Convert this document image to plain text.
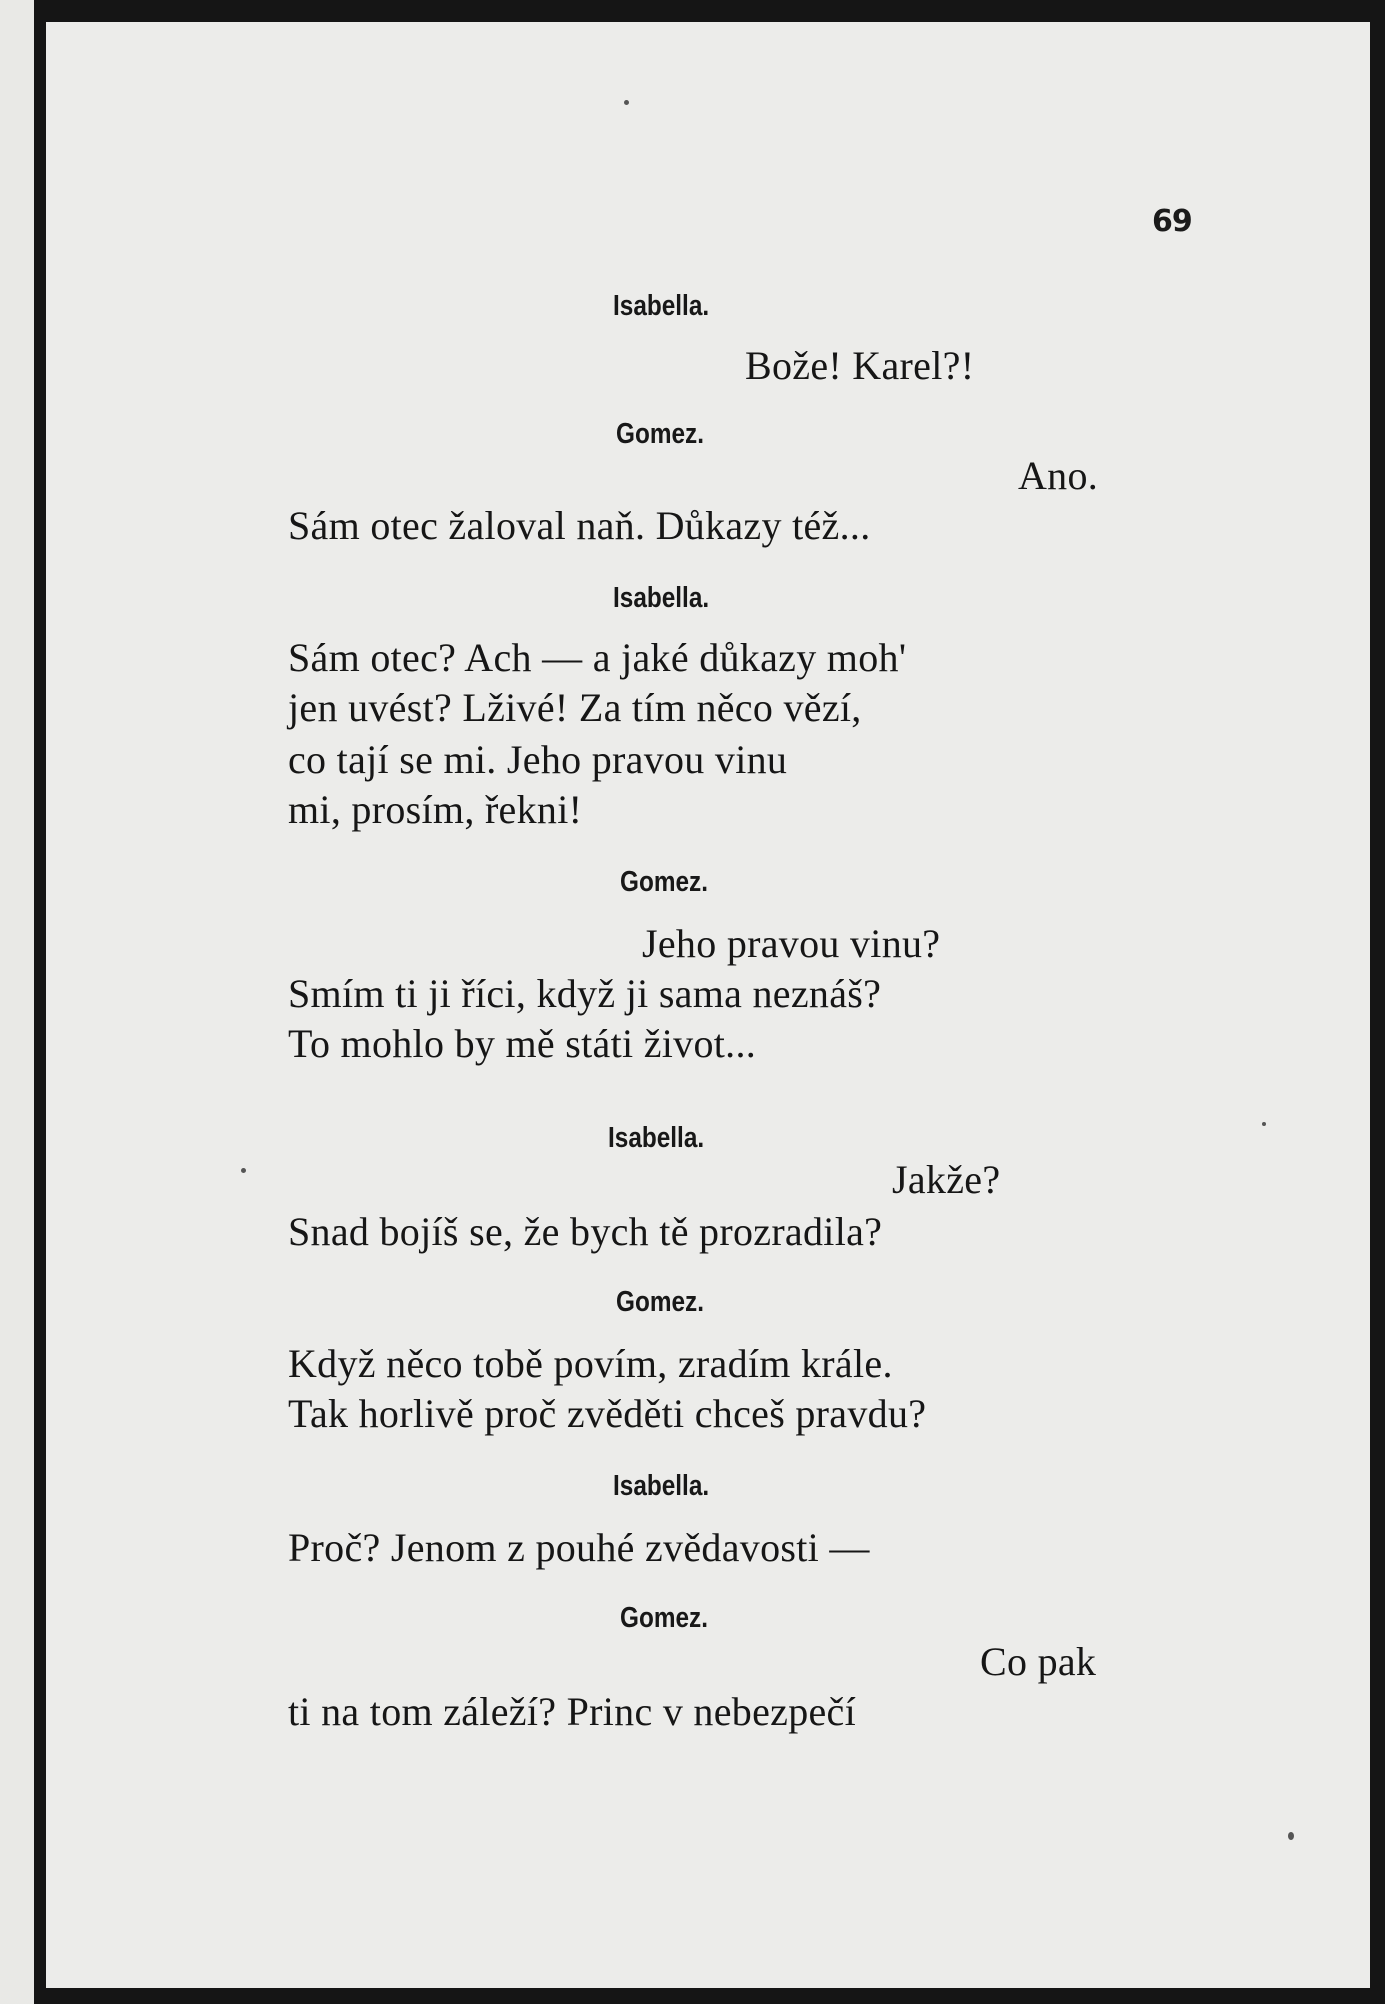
69
Isabella.
Bože! Karel?!
Gomez.
Ano.
Sám otec žaloval naň. Důkazy též...
Isabella.
Sám otec? Ach — a jaké důkazy moh'
jen uvést? Lživé! Za tím něco vězí,
co tají se mi. Jeho pravou vinu
mi, prosím, řekni!
Gomez.
Jeho pravou vinu?
Smím ti ji říci, když ji sama neznáš?
To mohlo by mě státi život...
Isabella.
Jakže?
Snad bojíš se, že bych tě prozradila?
Gomez.
Když něco tobě povím, zradím krále.
Tak horlivě proč zvěděti chceš pravdu?
Isabella.
Proč? Jenom z pouhé zvědavosti —
Gomez.
Co pak
ti na tom záleží? Princ v nebezpečí
